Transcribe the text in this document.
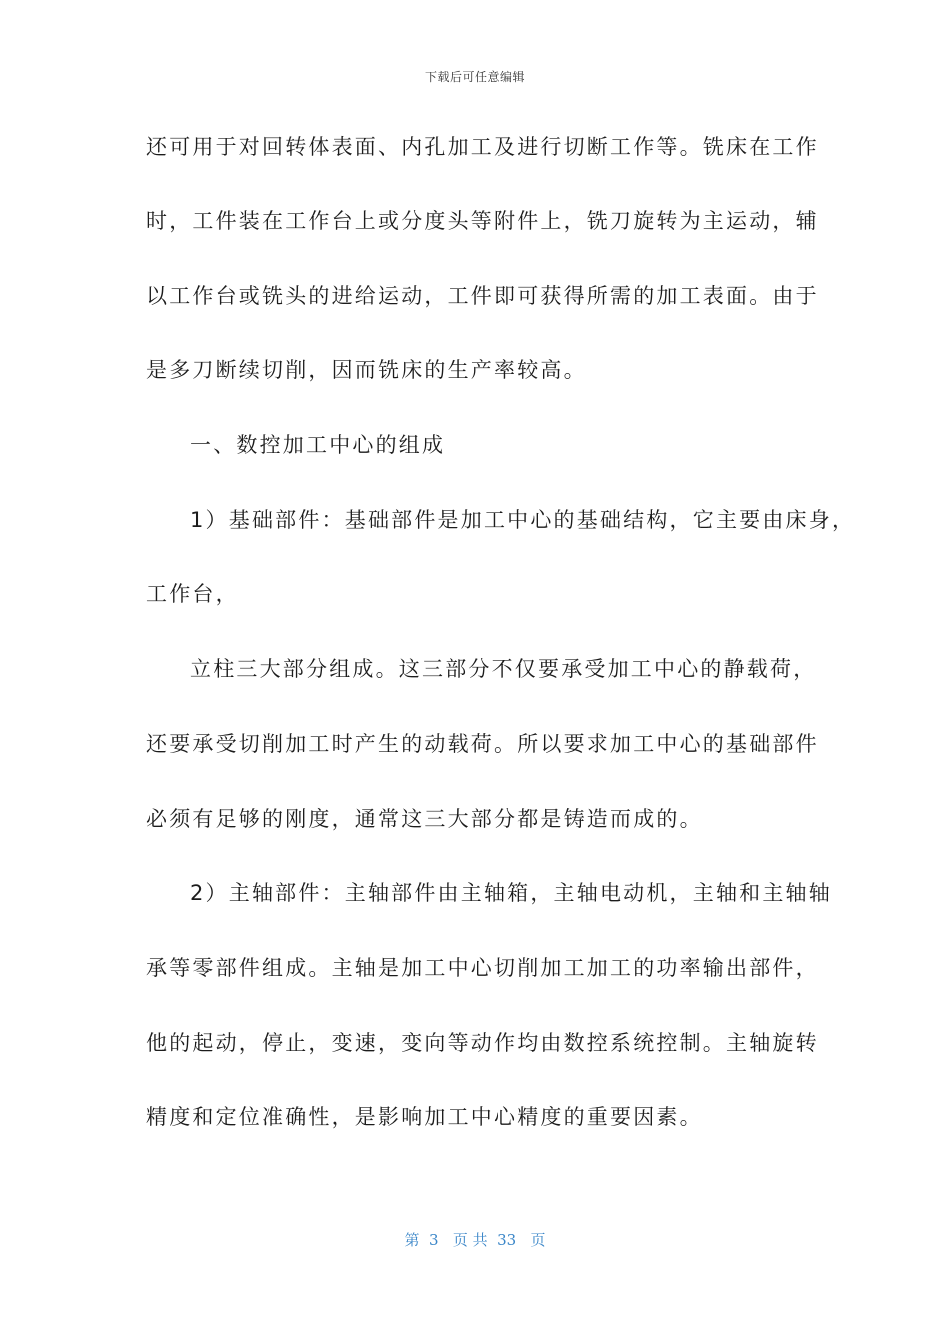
下载后可任意编辑
还可用于对回转体表面、内孔加工及进行切断工作等。铣床在工作
时，工件装在工作台上或分度头等附件上，铣刀旋转为主运动，辅
以工作台或铣头的进给运动，工件即可获得所需的加工表面。由于
是多刀断续切削，因而铣床的生产率较高。
一、数控加工中心的组成
1）基础部件：基础部件是加工中心的基础结构，它主要由床身，
工作台，
立柱三大部分组成。这三部分不仅要承受加工中心的静载荷，
还要承受切削加工时产生的动载荷。所以要求加工中心的基础部件
必须有足够的刚度，通常这三大部分都是铸造而成的。
2）主轴部件：主轴部件由主轴箱，主轴电动机，主轴和主轴轴
承等零部件组成。主轴是加工中心切削加工加工的功率输出部件，
他的起动，停止，变速，变向等动作均由数控系统控制。主轴旋转
精度和定位准确性，是影响加工中心精度的重要因素。
第  3   页 共  33   页
